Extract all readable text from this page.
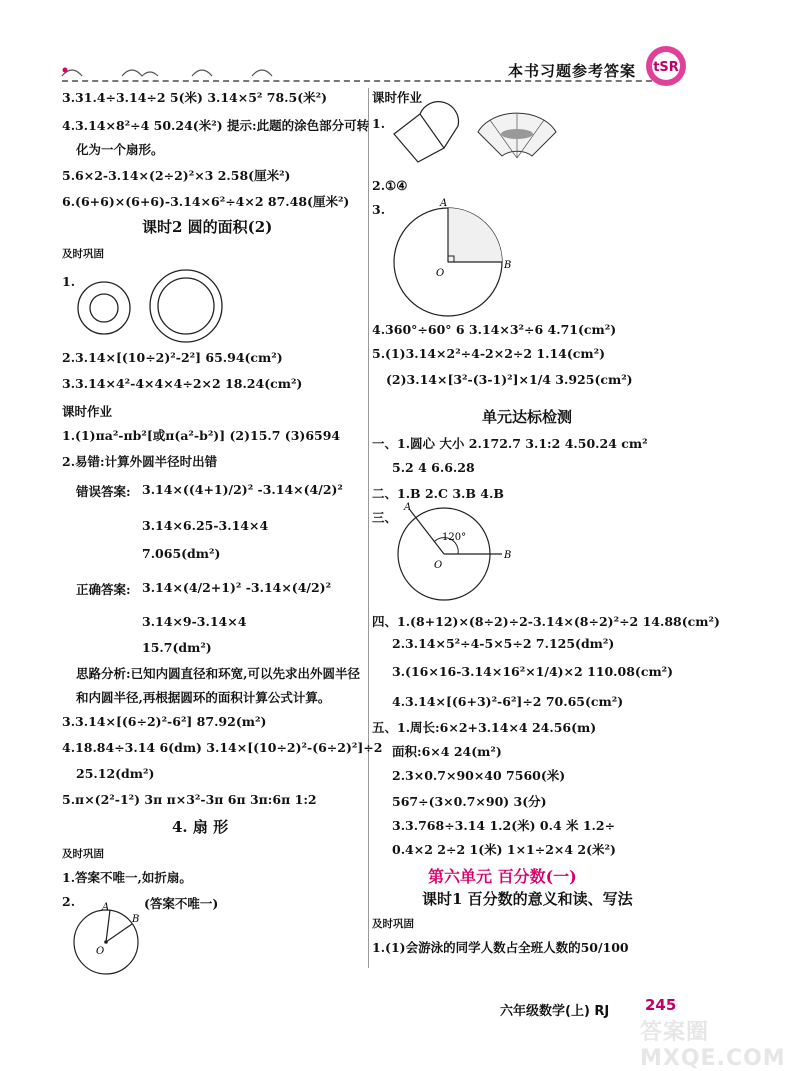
本书习题参考答案 tSR
3.31.4÷3.14÷2 5(米) 3.14×5² 78.5(米²)
4.3.14×8²÷4 50.24(米²) 提示:此题的涂色部分可转
化为一个扇形。
5.6×2-3.14×(2÷2)²×3 2.58(厘米²)
6.(6+6)×(6+6)-3.14×6²÷4×2 87.48(厘米²)
课时2 圆的面积(2)
及时巩固
1.
2.3.14×[(10÷2)²-2²] 65.94(cm²)
3.3.14×4²-4×4×4÷2×2 18.24(cm²)
课时作业
1.(1)πa²-πb²[或π(a²-b²)] (2)15.7 (3)6594
2.易错:计算外圆半径时出错
错误答案: 3.14×((4+1)/2)² -3.14×(4/2)²
3.14×6.25-3.14×4
7.065(dm²)
正确答案: 3.14×(4/2+1)² -3.14×(4/2)²
3.14×9-3.14×4
15.7(dm²)
思路分析:已知内圆直径和环宽,可以先求出外圆半径
和内圆半径,再根据圆环的面积计算公式计算。
3.3.14×[(6÷2)²-6²] 87.92(m²)
4.18.84÷3.14 6(dm) 3.14×[(10÷2)²-(6÷2)²]÷2
25.12(dm²)
5.π×(2²-1²) 3π π×3²-3π 6π 3π:6π 1:2
4. 扇 形
及时巩固
1.答案不唯一,如折扇。
2.	(答案不唯一)
A
B
O
课时作业
1.
2.①④
3.	A
B
O
4.360°÷60° 6 3.14×3²÷6 4.71(cm²)
5.(1)3.14×2²÷4-2×2÷2 1.14(cm²)
(2)3.14×[3²-(3-1)²]×1/4 3.925(cm²)
单元达标检测
一、1.圆心 大小 2.172.7 3.1:2 4.50.24 cm²
5.2 4 6.6.28
二、1.B 2.C 3.B 4.B
三、
120°
A
B
O
四、1.(8+12)×(8÷2)÷2-3.14×(8÷2)²÷2 14.88(cm²)
2.3.14×5²÷4-5×5÷2 7.125(dm²)
3.(16×16-3.14×16²×1/4)×2 110.08(cm²)
4.3.14×[(6+3)²-6²]÷2 70.65(cm²)
五、1.周长:6×2+3.14×4 24.56(m)
面积:6×4 24(m²)
2.3×0.7×90×40 7560(米)
567÷(3×0.7×90) 3(分)
3.3.768÷3.14 1.2(米) 0.4 米 1.2÷
0.4×2 2÷2 1(米) 1×1÷2×4 2(米²)
第六单元 百分数(一)
课时1 百分数的意义和读、写法
及时巩固
1.(1)会游泳的同学人数占全班人数的50/100
六年级数学(上) RJ 245
答案圈 MXQE.COM
